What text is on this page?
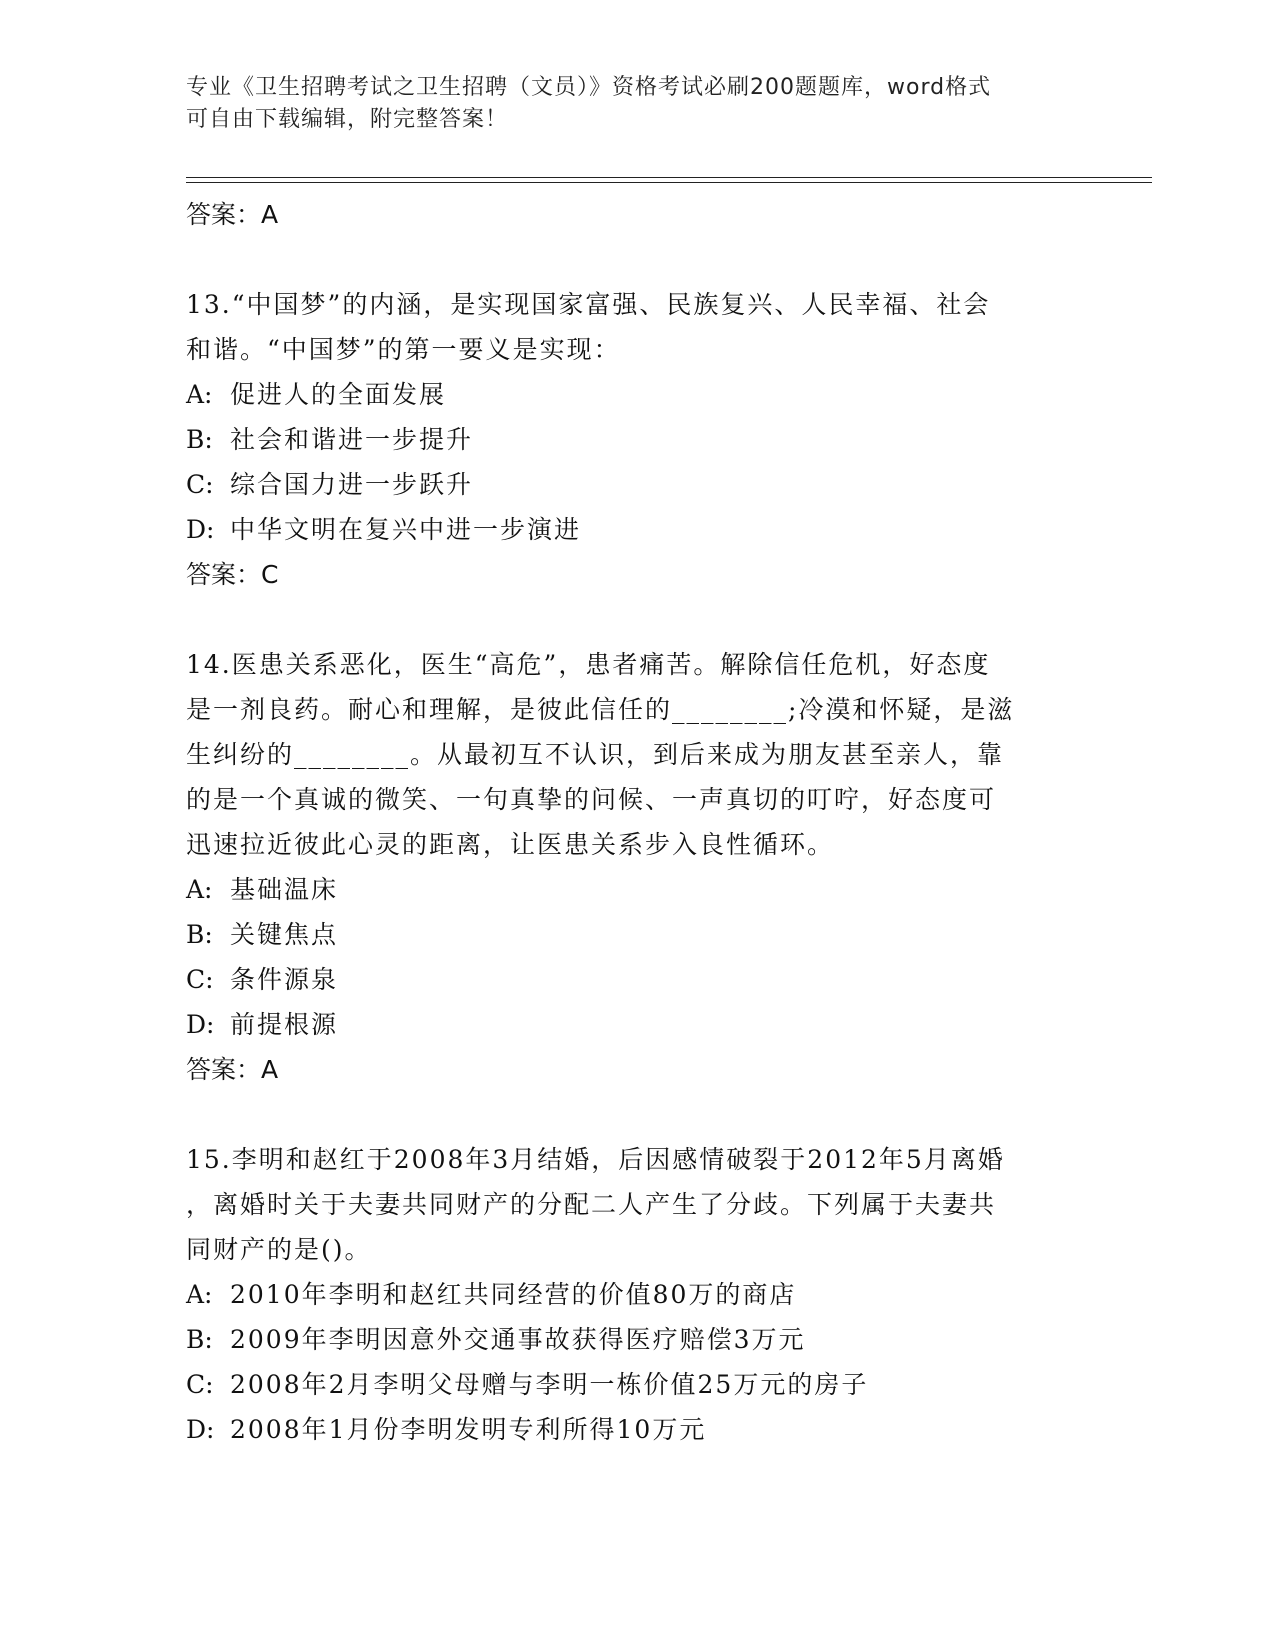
专业《卫生招聘考试之卫生招聘（文员）》资格考试必刷200题题库，word格式
可自由下载编辑，附完整答案！
答案：A
13.“中国梦”的内涵，是实现国家富强、民族复兴、人民幸福、社会
和谐。“中国梦”的第一要义是实现：
A: 促进人的全面发展
B: 社会和谐进一步提升
C: 综合国力进一步跃升
D: 中华文明在复兴中进一步演进
答案：C
14.医患关系恶化，医生“高危”，患者痛苦。解除信任危机，好态度
是一剂良药。耐心和理解，是彼此信任的________;冷漠和怀疑，是滋
生纠纷的________。从最初互不认识，到后来成为朋友甚至亲人，靠
的是一个真诚的微笑、一句真挚的问候、一声真切的叮咛，好态度可
迅速拉近彼此心灵的距离，让医患关系步入良性循环。
A: 基础温床
B: 关键焦点
C: 条件源泉
D: 前提根源
答案：A
15.李明和赵红于2008年3月结婚，后因感情破裂于2012年5月离婚
，离婚时关于夫妻共同财产的分配二人产生了分歧。下列属于夫妻共
同财产的是()。
A: 2010年李明和赵红共同经营的价值80万的商店
B: 2009年李明因意外交通事故获得医疗赔偿3万元
C: 2008年2月李明父母赠与李明一栋价值25万元的房子
D: 2008年1月份李明发明专利所得10万元
